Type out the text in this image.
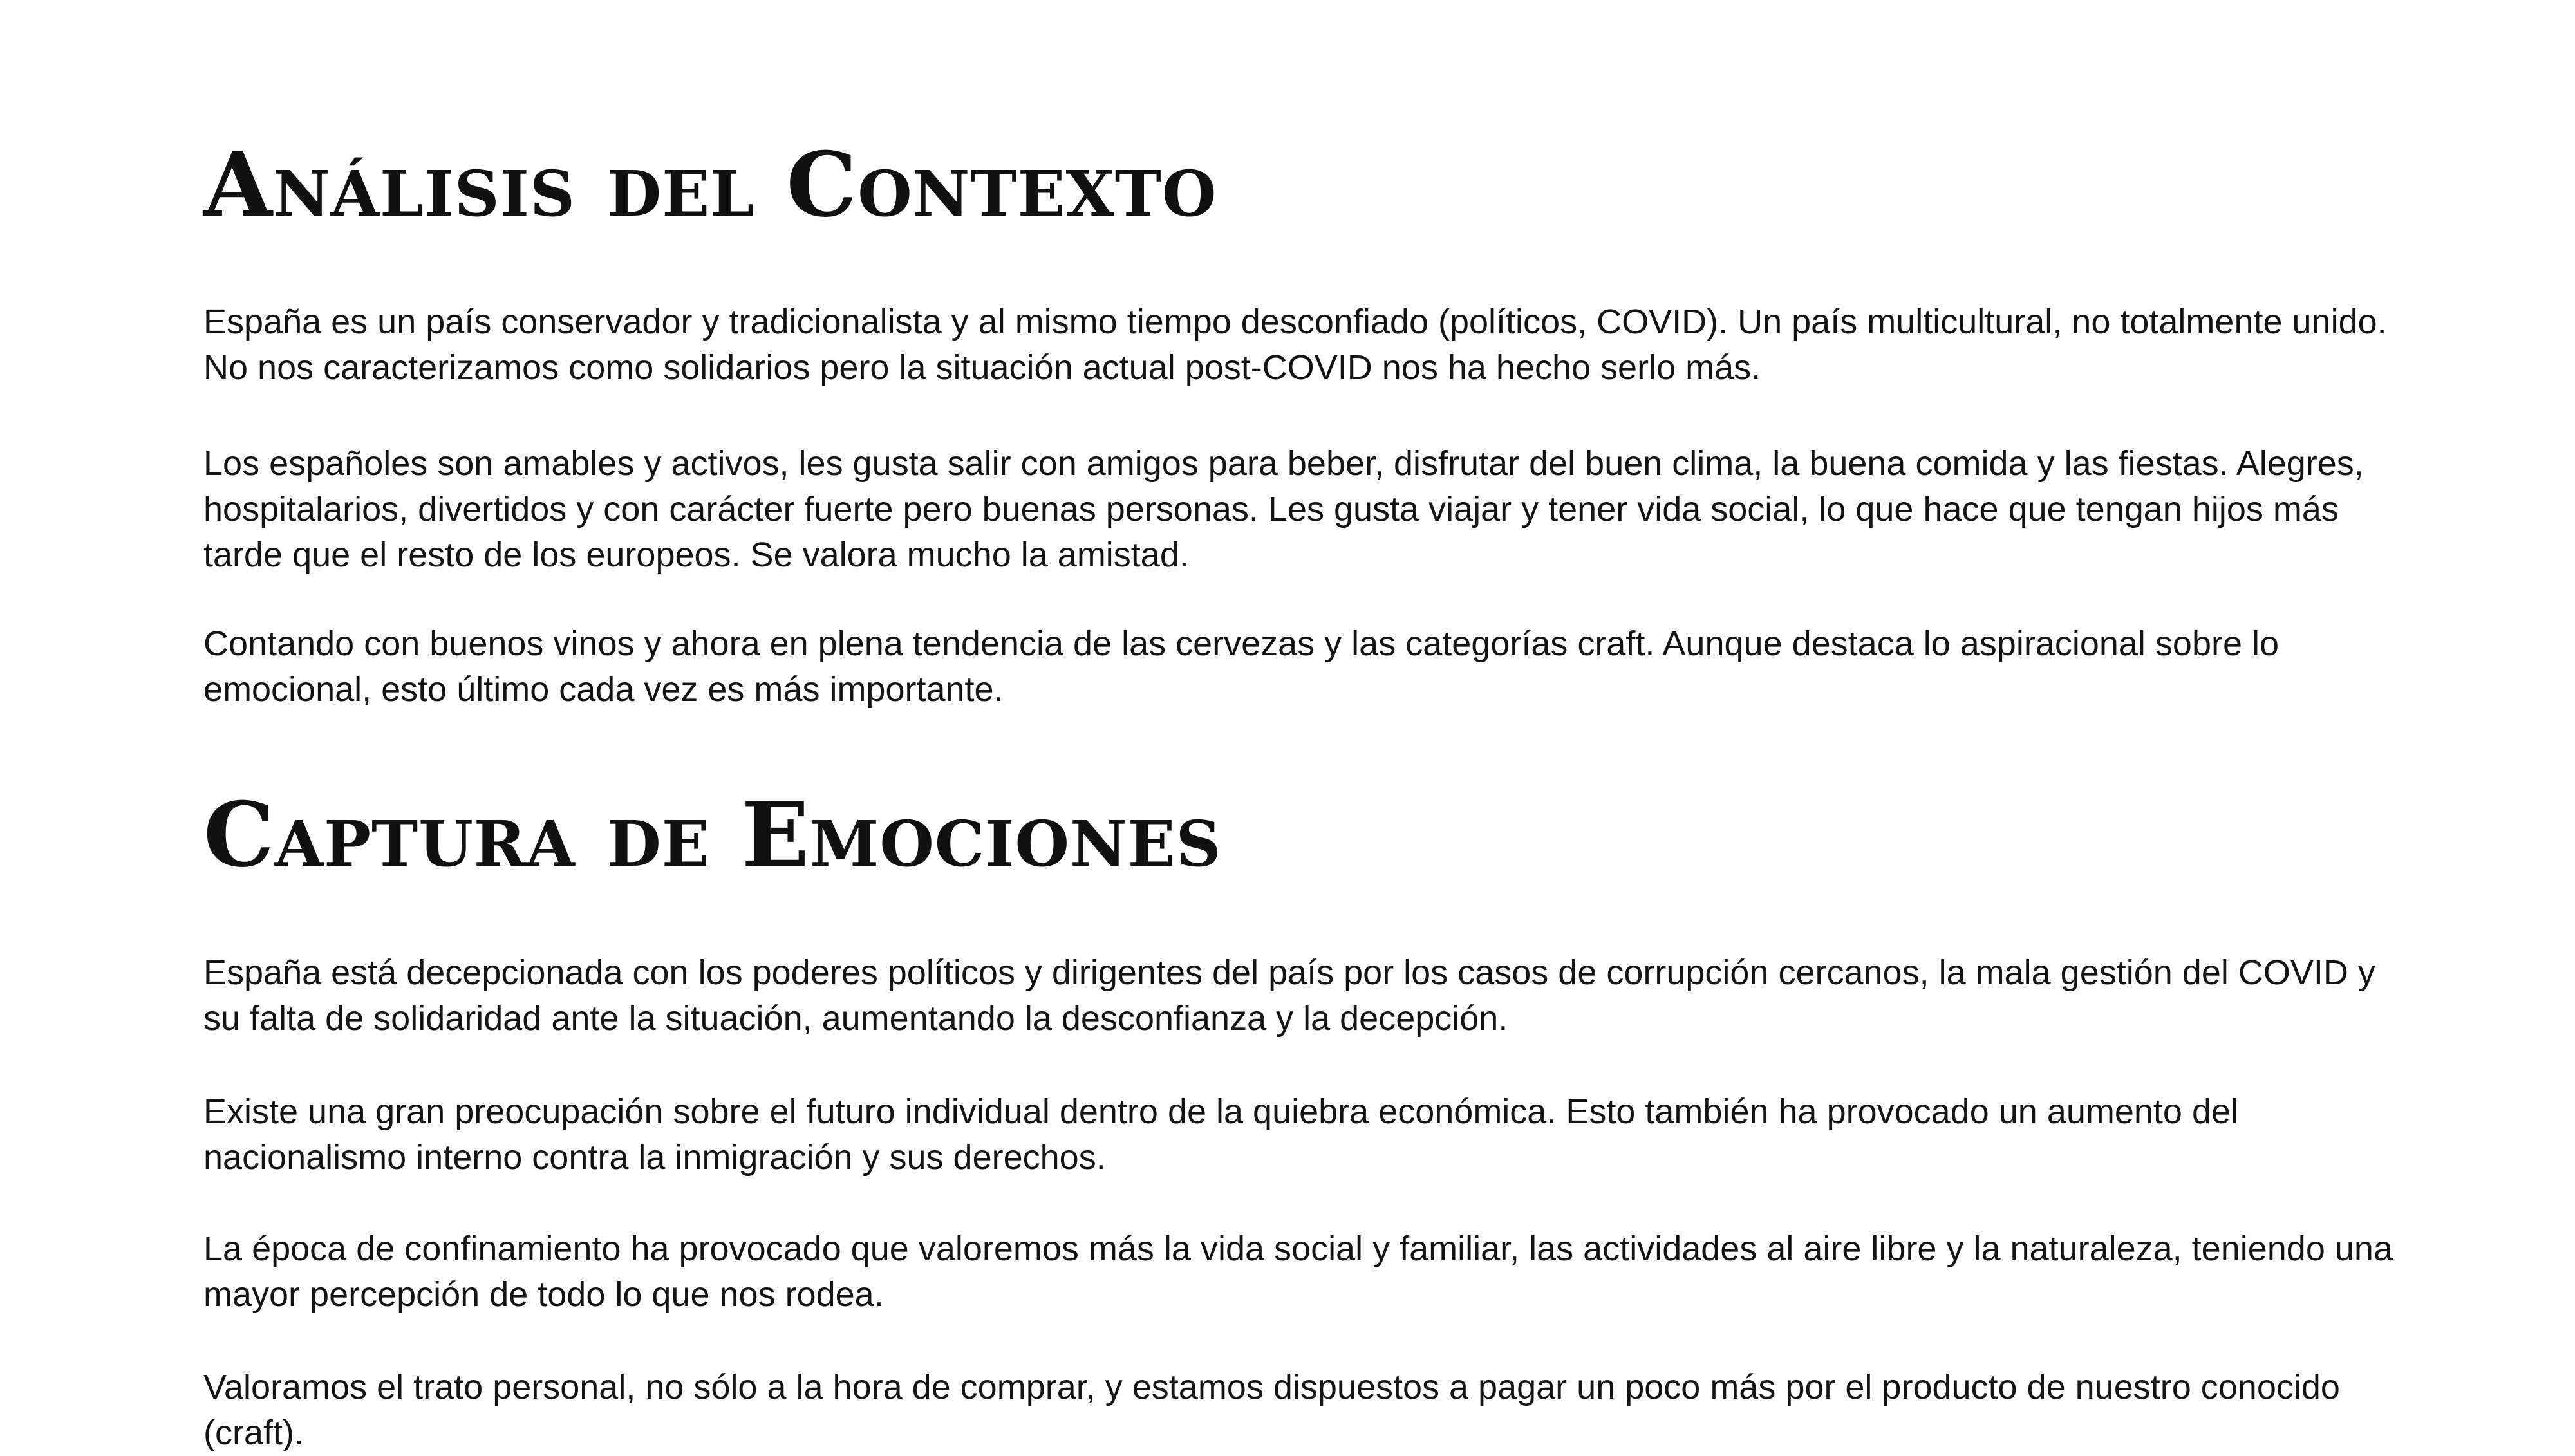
Análisis del Contexto

España es un país conservador y tradicionalista y al mismo tiempo desconfiado (políticos, COVID). Un país multicultural, no totalmente unido. No nos caracterizamos como solidarios pero la situación actual post-COVID nos ha hecho serlo más.

Los españoles son amables y activos, les gusta salir con amigos para beber, disfrutar del buen clima, la buena comida y las fiestas. Alegres, hospitalarios, divertidos y con carácter fuerte pero buenas personas. Les gusta viajar y tener vida social, lo que hace que tengan hijos más tarde que el resto de los europeos. Se valora mucho la amistad.

Contando con buenos vinos y ahora en plena tendencia de las cervezas y las categorías craft. Aunque destaca lo aspiracional sobre lo emocional, esto último cada vez es más importante.

Captura de Emociones

España está decepcionada con los poderes políticos y dirigentes del país por los casos de corrupción cercanos, la mala gestión del COVID y su falta de solidaridad ante la situación, aumentando la desconfianza y la decepción.

Existe una gran preocupación sobre el futuro individual dentro de la quiebra económica. Esto también ha provocado un aumento del nacionalismo interno contra la inmigración y sus derechos.

La época de confinamiento ha provocado que valoremos más la vida social y familiar, las actividades al aire libre y la naturaleza, teniendo una mayor percepción de todo lo que nos rodea.

Valoramos el trato personal, no sólo a la hora de comprar, y estamos dispuestos a pagar un poco más por el producto de nuestro conocido (craft).
